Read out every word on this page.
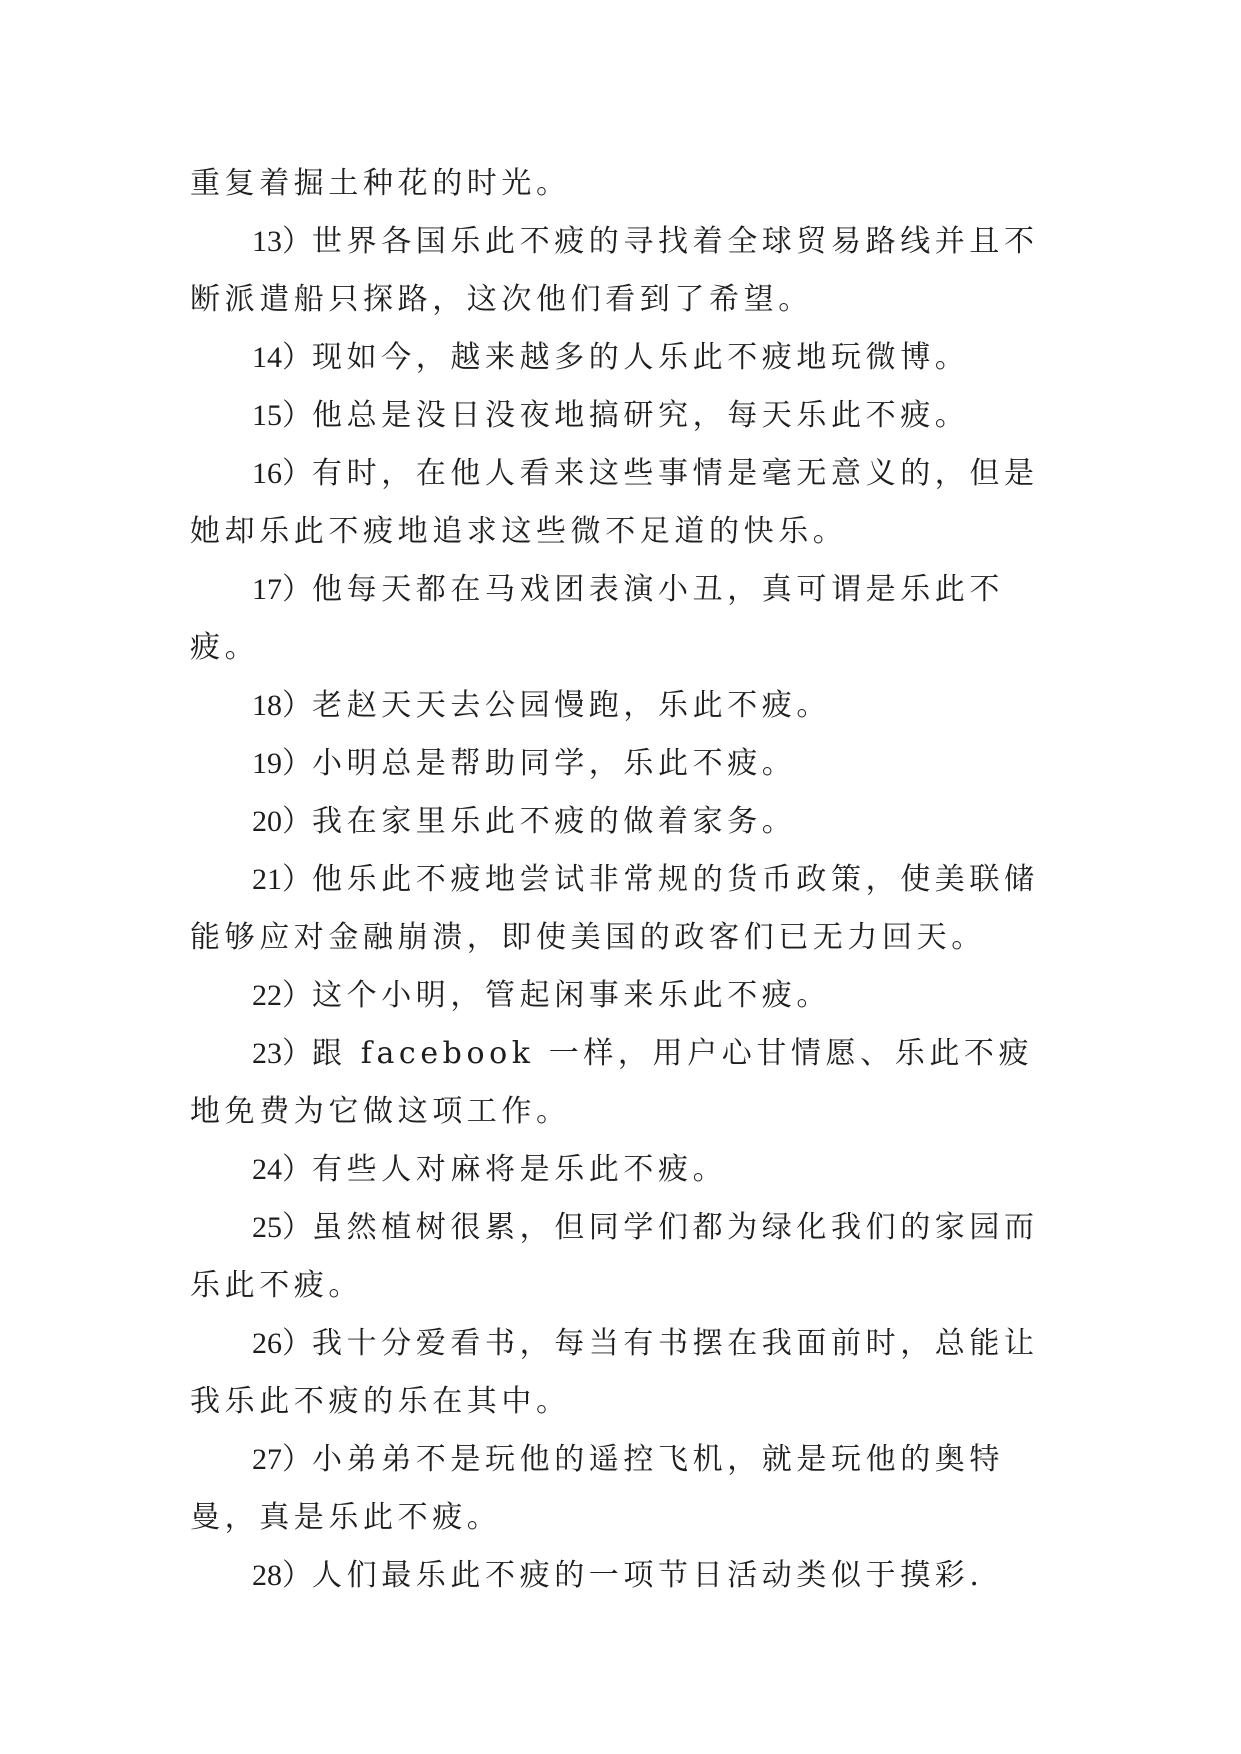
重复着掘土种花的时光。

13）世界各国乐此不疲的寻找着全球贸易路线并且不断派遣船只探路，这次他们看到了希望。

14）现如今，越来越多的人乐此不疲地玩微博。

15）他总是没日没夜地搞研究，每天乐此不疲。

16）有时，在他人看来这些事情是毫无意义的，但是她却乐此不疲地追求这些微不足道的快乐。

17）他每天都在马戏团表演小丑，真可谓是乐此不疲。

18）老赵天天去公园慢跑，乐此不疲。

19）小明总是帮助同学，乐此不疲。

20）我在家里乐此不疲的做着家务。

21）他乐此不疲地尝试非常规的货币政策，使美联储能够应对金融崩溃，即使美国的政客们已无力回天。

22）这个小明，管起闲事来乐此不疲。

23）跟 facebook 一样，用户心甘情愿、乐此不疲地免费为它做这项工作。

24）有些人对麻将是乐此不疲。

25）虽然植树很累，但同学们都为绿化我们的家园而乐此不疲。

26）我十分爱看书，每当有书摆在我面前时，总能让我乐此不疲的乐在其中。

27）小弟弟不是玩他的遥控飞机，就是玩他的奥特曼，真是乐此不疲。

28）人们最乐此不疲的一项节日活动类似于摸彩.
